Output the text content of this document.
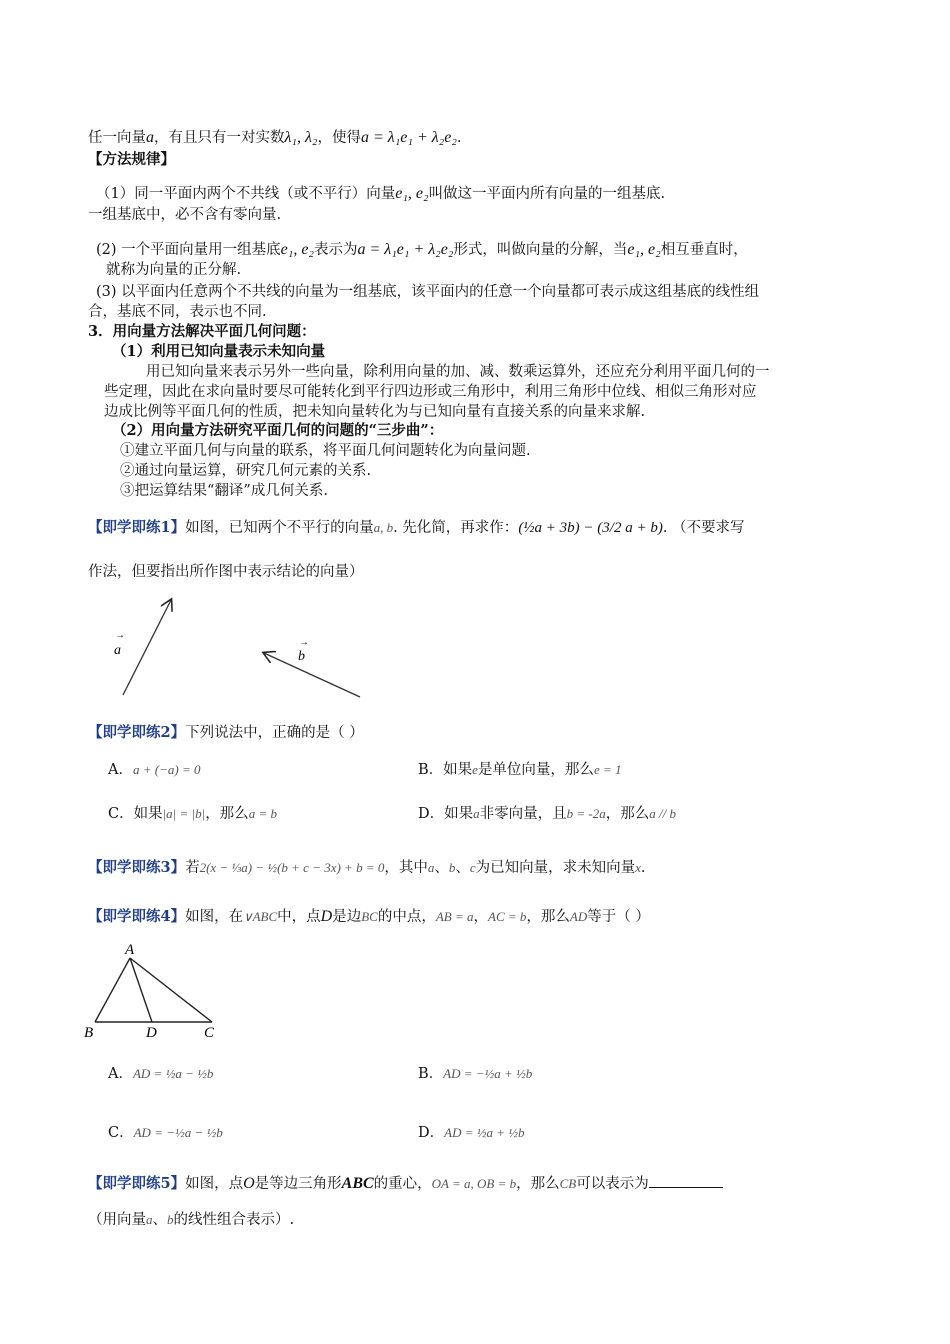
任一向量a，有且只有一对实数λ₁, λ₂，使得a = λ₁e₁ + λ₂e₂.
【方法规律】
（1）同一平面内两个不共线（或不平行）向量e₁, e₂叫做这一平面内所有向量的一组基底.
一组基底中，必不含有零向量.
(2) 一个平面向量用一组基底e₁, e₂表示为a = λ₁e₁ + λ₂e₂形式，叫做向量的分解，当e₁, e₂相互垂直时，
就称为向量的正分解.
(3) 以平面内任意两个不共线的向量为一组基底，该平面内的任意一个向量都可表示成这组基底的线性组
合，基底不同，表示也不同.
3．用向量方法解决平面几何问题：
（1）利用已知向量表示未知向量
用已知向量来表示另外一些向量，除利用向量的加、减、数乘运算外，还应充分利用平面几何的一
些定理，因此在求向量时要尽可能转化到平行四边形或三角形中，利用三角形中位线、相似三角形对应
边成比例等平面几何的性质，把未知向量转化为与已知向量有直接关系的向量来求解.
（2）用向量方法研究平面几何的问题的“三步曲”：
①建立平面几何与向量的联系，将平面几何问题转化为向量问题.
②通过向量运算，研究几何元素的关系.
③把运算结果“翻译”成几何关系.
【即学即练1】如图，已知两个不平行的向量a, b. 先化简，再求作：(½a + 3b) − (3/2 a + b). （不要求写
作法，但要指出所作图中表示结论的向量）
a
→
b
→
【即学即练2】下列说法中，正确的是（ ）
A．a + (−a) = 0	B．如果e是单位向量，那么e = 1
C．如果|a| = |b|，那么a = b	D．如果a非零向量，且b = -2a，那么a // b
【即学即练3】若2(x − ⅓a) − ½(b + c − 3x) + b = 0，其中a、b、c为已知向量，求未知向量x.
【即学即练4】如图，在∨ABC中，点D是边BC的中点，AB = a，AC = b，那么AD等于（ ）
A
B	D	C
A．AD = ½a − ½b	B．AD = −½a + ½b
C．AD = −½a − ½b	D．AD = ½a + ½b
【即学即练5】如图，点O是等边三角形ABC的重心，OA = a, OB = b，那么CB可以表示为
（用向量a、b的线性组合表示）.
